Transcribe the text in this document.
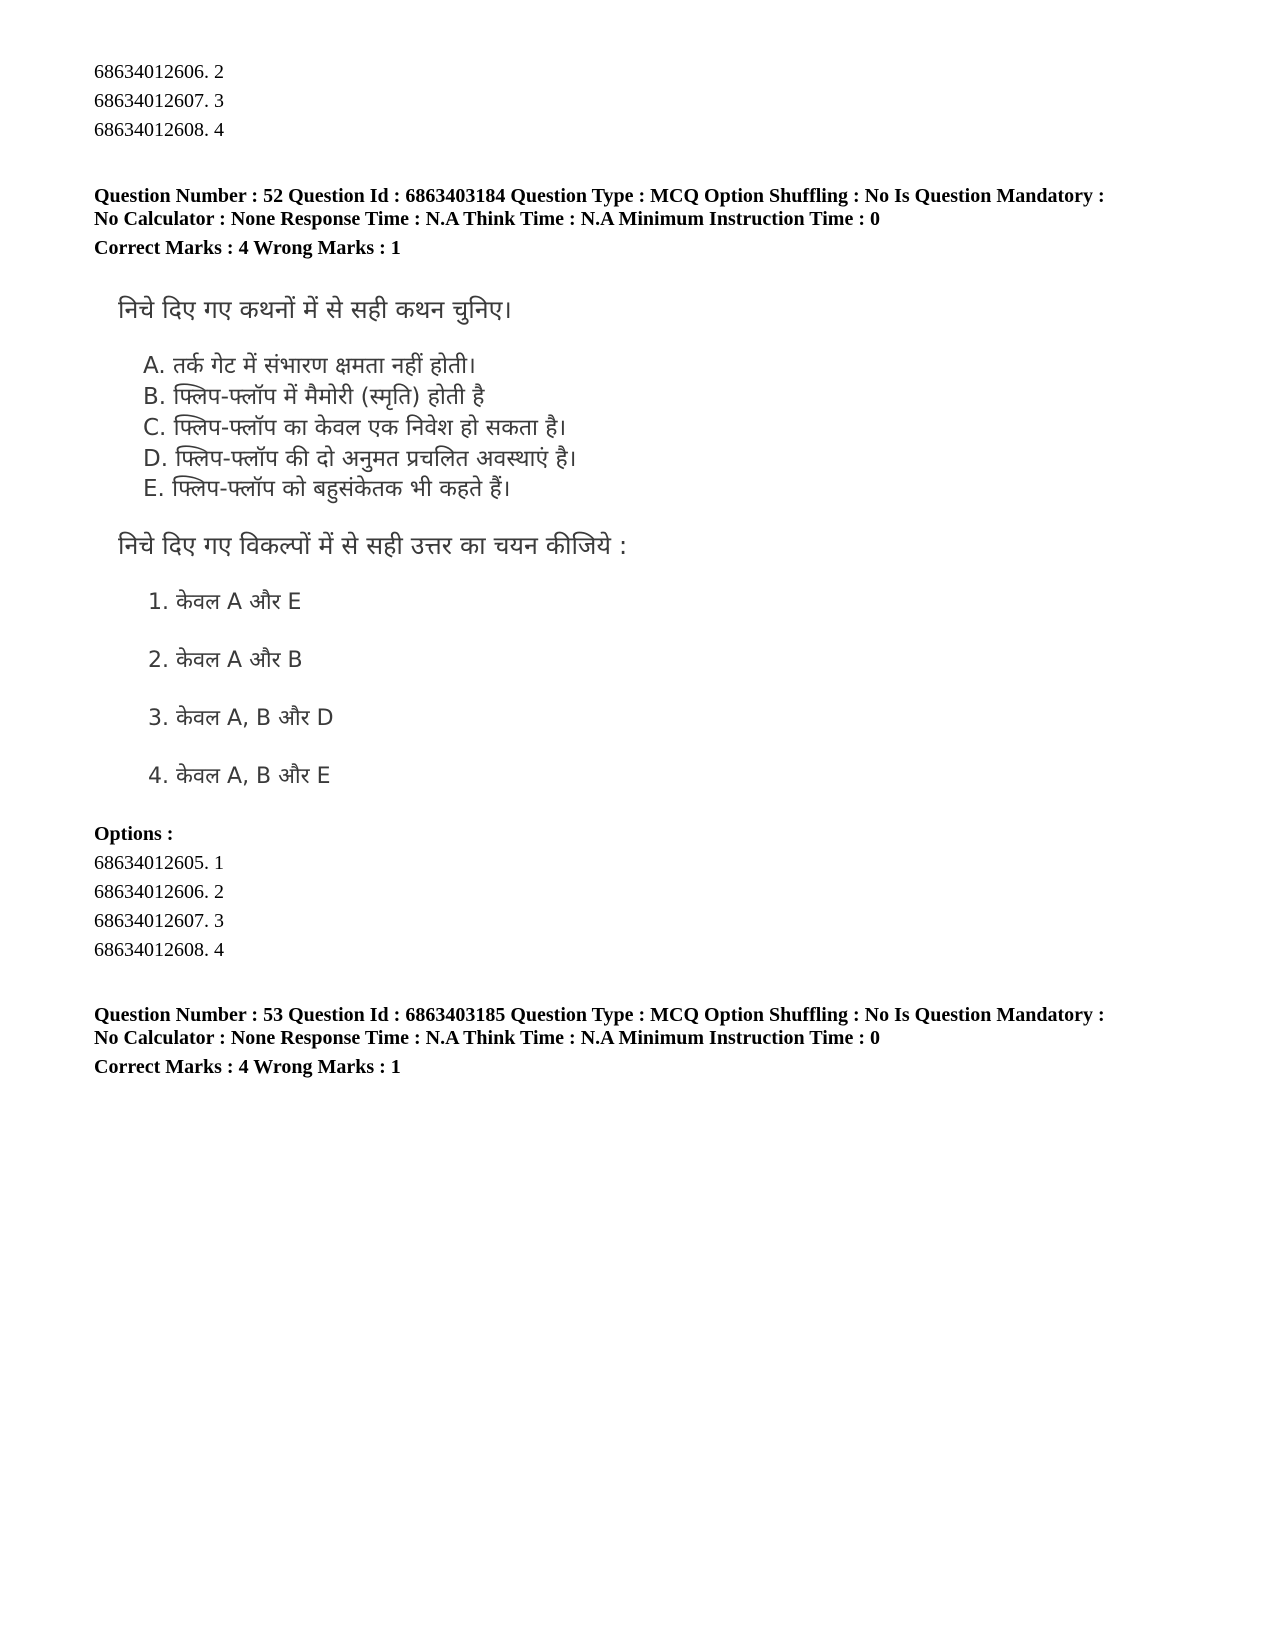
68634012606. 2
68634012607. 3
68634012608. 4
Question Number : 52 Question Id : 6863403184 Question Type : MCQ Option Shuffling : No Is Question Mandatory :
No Calculator : None Response Time : N.A Think Time : N.A Minimum Instruction Time : 0
Correct Marks : 4 Wrong Marks : 1
निचे दिए गए कथनों में से सही कथन चुनिए।
A. तर्क गेट में संभारण क्षमता नहीं होती।
B. फ्लिप-फ्लॉप में मैमोरी (स्मृति) होती है
C. फ्लिप-फ्लॉप का केवल एक निवेश हो सकता है।
D. फ्लिप-फ्लॉप की दो अनुमत प्रचलित अवस्थाएं है।
E. फ्लिप-फ्लॉप को बहुसंकेतक भी कहते हैं।
निचे दिए गए विकल्पों में से सही उत्तर का चयन कीजिये :
1. केवल A और E
2. केवल A और B
3. केवल A, B और D
4. केवल A, B और E
Options :
68634012605. 1
68634012606. 2
68634012607. 3
68634012608. 4
Question Number : 53 Question Id : 6863403185 Question Type : MCQ Option Shuffling : No Is Question Mandatory :
No Calculator : None Response Time : N.A Think Time : N.A Minimum Instruction Time : 0
Correct Marks : 4 Wrong Marks : 1
